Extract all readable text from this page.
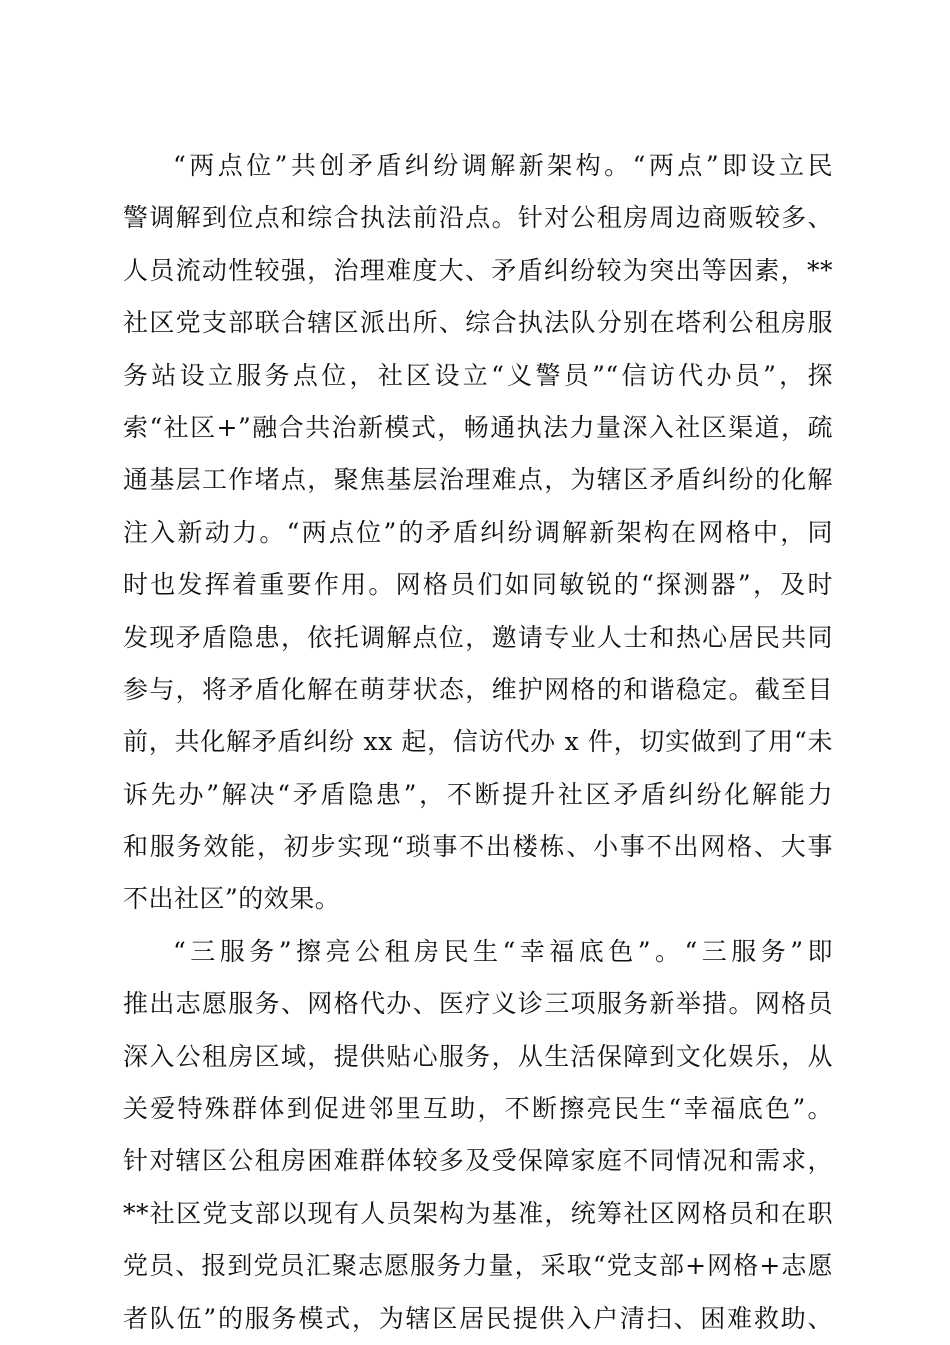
“两点位”共创矛盾纠纷调解新架构。“两点”即设立民
警调解到位点和综合执法前沿点。针对公租房周边商贩较多、
人员流动性较强，治理难度大、矛盾纠纷较为突出等因素，**
社区党支部联合辖区派出所、综合执法队分别在塔利公租房服
务站设立服务点位，社区设立“义警员”“信访代办员”，探
索“社区+”融合共治新模式，畅通执法力量深入社区渠道，疏
通基层工作堵点，聚焦基层治理难点，为辖区矛盾纠纷的化解
注入新动力。“两点位”的矛盾纠纷调解新架构在网格中，同
时也发挥着重要作用。网格员们如同敏锐的“探测器”，及时
发现矛盾隐患，依托调解点位，邀请专业人士和热心居民共同
参与，将矛盾化解在萌芽状态，维护网格的和谐稳定。截至目
前，共化解矛盾纠纷 xx 起，信访代办 x 件，切实做到了用“未
诉先办”解决“矛盾隐患”，不断提升社区矛盾纠纷化解能力
和服务效能，初步实现“琐事不出楼栋、小事不出网格、大事
不出社区”的效果。
“三服务”擦亮公租房民生“幸福底色”。“三服务”即
推出志愿服务、网格代办、医疗义诊三项服务新举措。网格员
深入公租房区域，提供贴心服务，从生活保障到文化娱乐，从
关爱特殊群体到促进邻里互助，不断擦亮民生“幸福底色”。
针对辖区公租房困难群体较多及受保障家庭不同情况和需求，
**社区党支部以现有人员架构为基准，统筹社区网格员和在职
党员、报到党员汇聚志愿服务力量，采取“党支部+网格+志愿
者队伍”的服务模式，为辖区居民提供入户清扫、困难救助、
